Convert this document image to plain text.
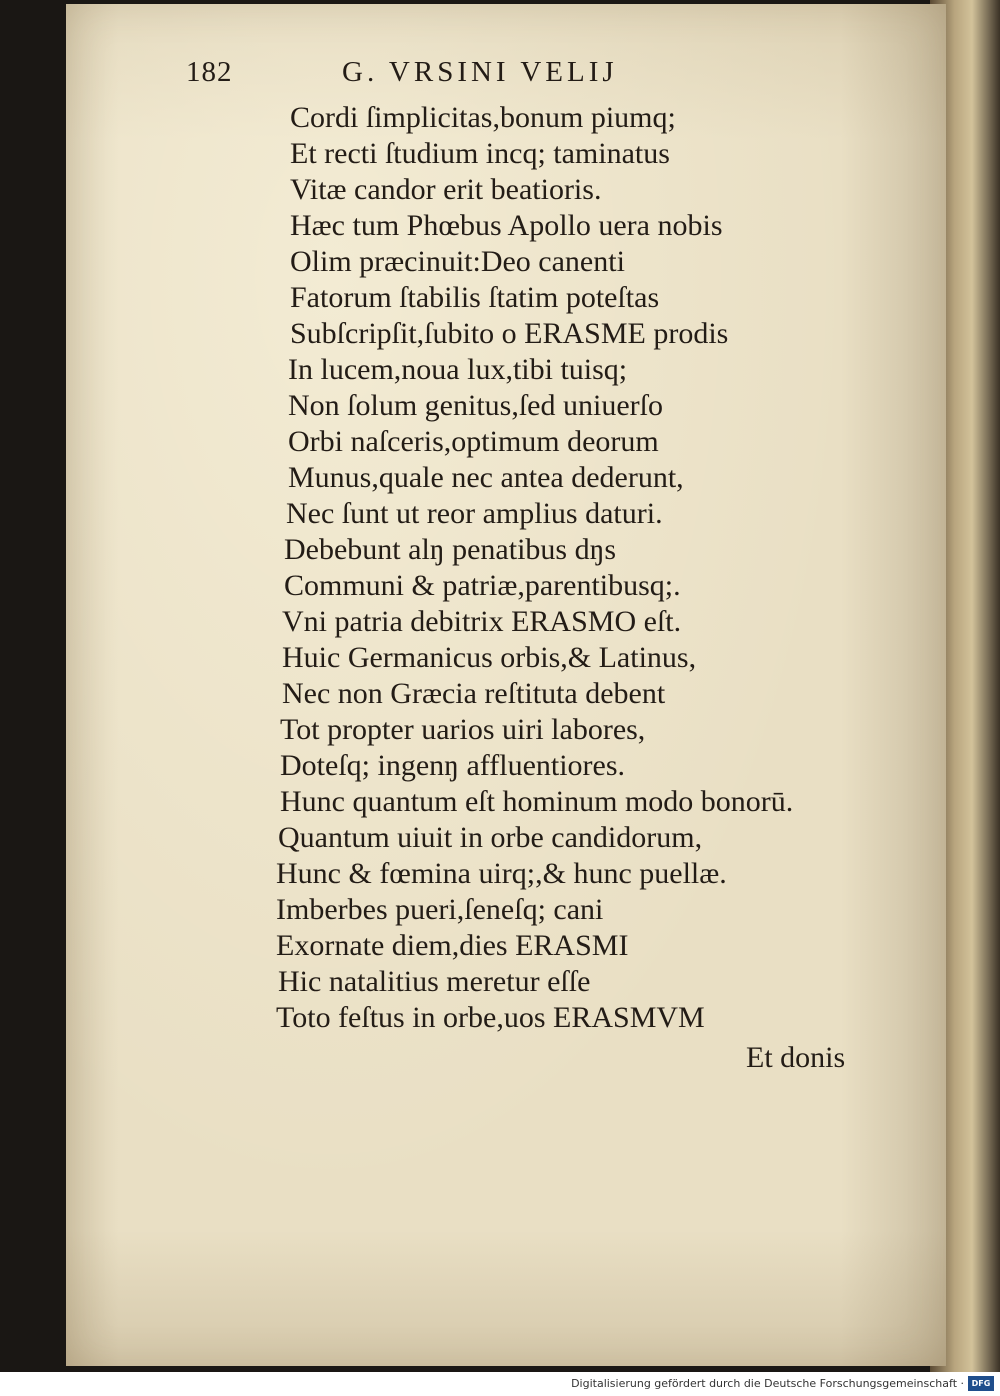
182	G. VRSINI VELIJ
Cordi ſimplicitas,bonum piumq;
Et recti ſtudium incq; taminatus
Vitæ candor erit beatioris.
Hæc tum Phœbus Apollo uera nobis
Olim præcinuit:Deo canenti
Fatorum ſtabilis ſtatim poteſtas
Subſcripſit,ſubito o ERASME prodis
In lucem,noua lux,tibi tuisq;
Non ſolum genitus,ſed uniuerſo
Orbi naſceris,optimum deorum
Munus,quale nec antea dederunt,
Nec ſunt ut reor amplius daturi.
Debebunt alŋ penatibus dŋs
Communi & patriæ,parentibusq;.
Vni patria debitrix ERASMO eſt.
Huic Germanicus orbis,& Latinus,
Nec non Græcia reſtituta debent
Tot propter uarios uiri labores,
Doteſq; ingenŋ affluentiores.
Hunc quantum eſt hominum modo bonorū.
Quantum uiuit in orbe candidorum,
Hunc & fœmina uirq;,& hunc puellæ.
Imberbes pueri,ſeneſq; cani
Exornate diem,dies ERASMI
Hic natalitius meretur eſſe
Toto feſtus in orbe,uos ERASMVM
Et donis
Digitalisierung gefördert durch die Deutsche Forschungsgemeinschaft · DFG
